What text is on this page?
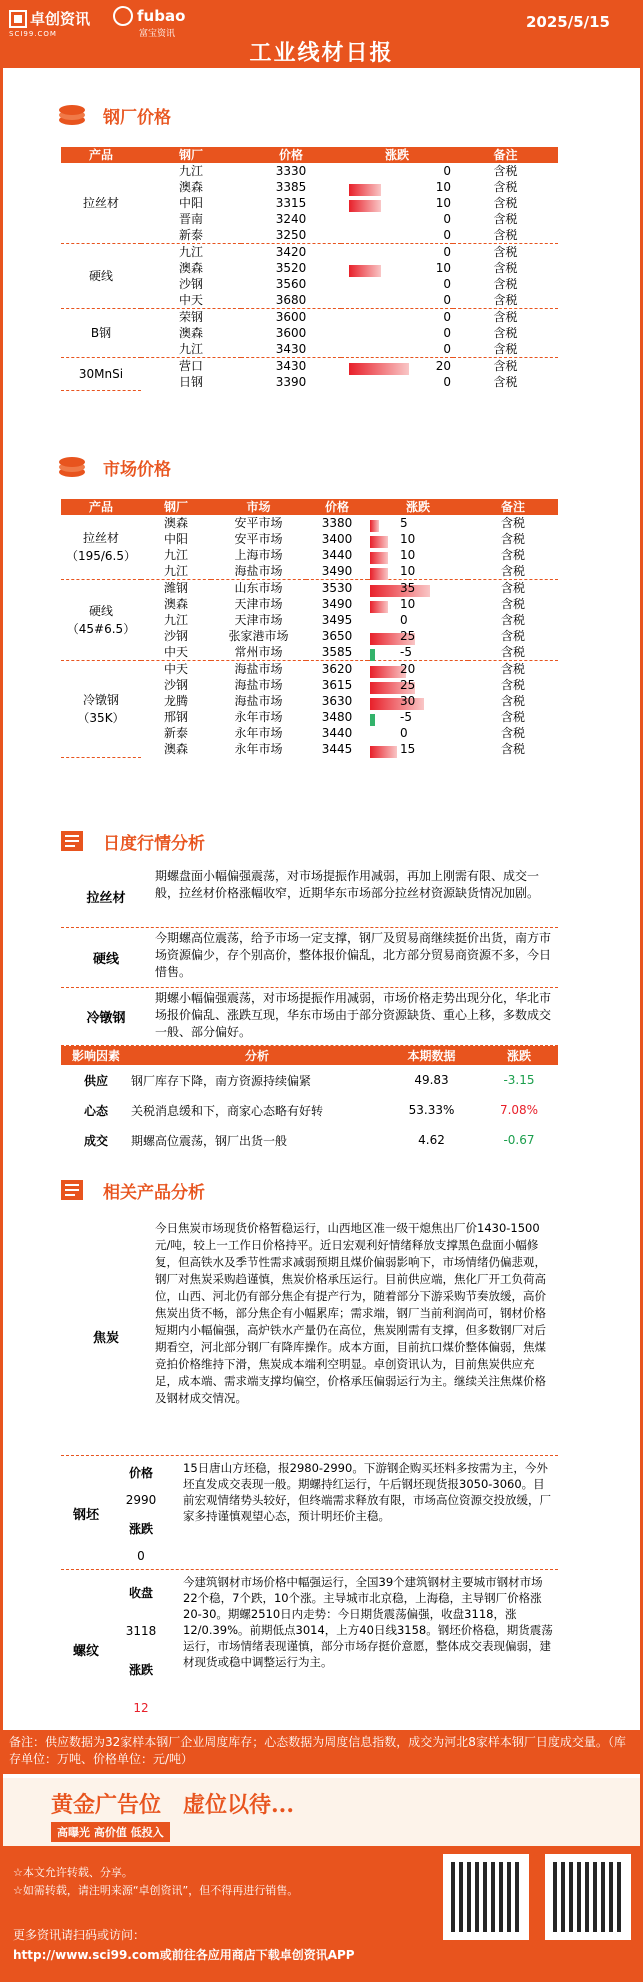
卓创资讯
SCI99.COM
fubao
富宝资讯
2025/5/15
工业线材日报
钢厂价格
产品	钢厂	价格	涨跌	备注
拉丝材	九江	3330	0	含税
	澳森	3385	10	含税
	中阳	3315	10	含税
	晋南	3240	0	含税
	新泰	3250	0	含税
硬线	九江	3420	0	含税
	澳森	3520	10	含税
	沙钢	3560	0	含税
	中天	3680	0	含税
B钢	荣钢	3600	0	含税
	澳森	3600	0	含税
	九江	3430	0	含税
30MnSi	营口	3430	20	含税
	日钢	3390	0	含税
市场价格
产品	钢厂	市场	价格	涨跌	备注
拉丝材
（195/6.5）	澳森	安平市场	3380	5	含税
	中阳	安平市场	3400	10	含税
	九江	上海市场	3440	10	含税
	九江	海盐市场	3490	10	含税
硬线
（45#6.5）	潍钢	山东市场	3530	35	含税
	澳森	天津市场	3490	10	含税
	九江	天津市场	3495	0	含税
	沙钢	张家港市场	3650	25	含税
	中天	常州市场	3585	-5	含税
冷镦钢
（35K）	中天	海盐市场	3620	20	含税
	沙钢	海盐市场	3615	25	含税
	龙腾	海盐市场	3630	30	含税
	邢钢	永年市场	3480	-5	含税
	新泰	永年市场	3440	0	含税
	澳森	永年市场	3445	15	含税
日度行情分析
拉丝材
期螺盘面小幅偏强震荡，对市场提振作用减弱，再加上刚需有限、成交一般，拉丝材价格涨幅收窄，近期华东市场部分拉丝材资源缺货情况加剧。
硬线
今期螺高位震荡，给予市场一定支撑，钢厂及贸易商继续挺价出货，南方市场资源偏少，存个别高价，整体报价偏乱，北方部分贸易商资源不多，今日惜售。
冷镦钢
期螺小幅偏强震荡，对市场提振作用减弱，市场价格走势出现分化，华北市场报价偏乱、涨跌互现，华东市场由于部分资源缺货、重心上移，多数成交一般、部分偏好。
影响因素	分析	本期数据	涨跌
供应	钢厂库存下降，南方资源持续偏紧	49.83	-3.15
心态	关税消息缓和下，商家心态略有好转	53.33%	7.08%
成交	期螺高位震荡，钢厂出货一般	4.62	-0.67
相关产品分析
焦炭
今日焦炭市场现货价格暂稳运行，山西地区准一级干熄焦出厂价1430-1500元/吨，较上一工作日价格持平。近日宏观利好情绪释放支撑黑色盘面小幅修复，但高铁水及季节性需求减弱预期且煤价偏弱影响下，市场情绪仍偏悲观，钢厂对焦炭采购趋谨慎，焦炭价格承压运行。目前供应端，焦化厂开工负荷高位，山西、河北仍有部分焦企有提产行为，随着部分下游采购节奏放缓，高价焦炭出货不畅，部分焦企有小幅累库；需求端，钢厂当前利润尚可，钢材价格短期内小幅偏强，高炉铁水产量仍在高位，焦炭刚需有支撑，但多数钢厂对后期看空，河北部分钢厂有降库操作。成本方面，目前抗口煤价整体偏弱，焦煤竞拍价格维持下滑，焦炭成本端利空明显。卓创资讯认为，目前焦炭供应充足，成本端、需求端支撑均偏空，价格承压偏弱运行为主。继续关注焦煤价格及钢材成交情况。
钢坯
价格
2990
涨跌
0
15日唐山方坯稳，报2980-2990。下游钢企购买坯料多按需为主，今外坯直发成交表现一般。期螺持红运行，午后钢坯现货报3050-3060。目前宏观情绪势头较好，但终端需求释放有限，市场高位资源交投放缓，厂家多持谨慎观望心态，预计明坯价主稳。
螺纹
收盘
3118
涨跌
12
今建筑钢材市场价格中幅强运行，全国39个建筑钢材主要城市钢材市场22个稳，7个跌，10个涨。主导城市北京稳，上海稳，主导钢厂价格涨20-30。期螺2510日内走势：今日期货震荡偏强，收盘3118，涨12/0.39%。前期低点3014，上方40日线3158。钢坯价格稳，期货震荡运行，市场情绪表现谨慎，部分市场存挺价意愿，整体成交表现偏弱，建材现货或稳中调整运行为主。
备注：供应数据为32家样本钢厂企业周度库存；心态数据为周度信息指数，成交为河北8家样本钢厂日度成交量。（库存单位：万吨、价格单位：元/吨）
黄金广告位　虚位以待...
高曝光 高价值 低投入
☆本文允许转载、分享。
☆如需转载，请注明来源“卓创资讯”，但不得再进行销售。
更多资讯请扫码或访问：
http://www.sci99.com或前往各应用商店下载卓创资讯APP
